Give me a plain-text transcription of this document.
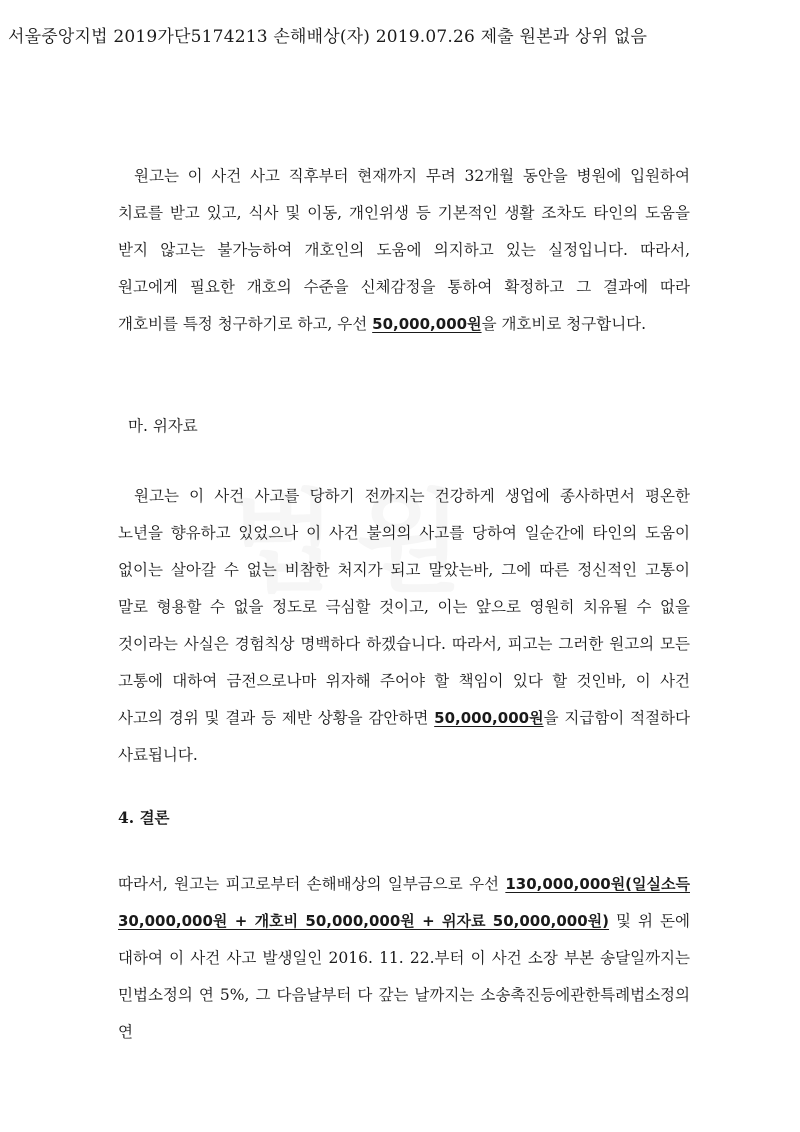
서울중앙지법 2019가단5174213 손해배상(자) 2019.07.26 제출 원본과 상위 없음
원고는 이 사건 사고 직후부터 현재까지 무려 32개월 동안을 병원에 입원하여 치료를 받고 있고, 식사 및 이동, 개인위생 등 기본적인 생활 조차도 타인의 도움을 받지 않고는 불가능하여 개호인의 도움에 의지하고 있는 실정입니다. 따라서, 원고에게 필요한 개호의 수준을 신체감정을 통하여 확정하고 그 결과에 따라 개호비를 특정 청구하기로 하고, 우선 50,000,000원을 개호비로 청구합니다.
마. 위자료
원고는 이 사건 사고를 당하기 전까지는 건강하게 생업에 종사하면서 평온한 노년을 향유하고 있었으나 이 사건 불의의 사고를 당하여 일순간에 타인의 도움이 없이는 살아갈 수 없는 비참한 처지가 되고 말았는바, 그에 따른 정신적인 고통이 말로 형용할 수 없을 정도로 극심할 것이고, 이는 앞으로 영원히 치유될 수 없을 것이라는 사실은 경험칙상 명백하다 하겠습니다. 따라서, 피고는 그러한 원고의 모든 고통에 대하여 금전으로나마 위자해 주어야 할 책임이 있다 할 것인바, 이 사건 사고의 경위 및 결과 등 제반 상황을 감안하면 50,000,000원을 지급함이 적절하다 사료됩니다.
4. 결론
따라서, 원고는 피고로부터 손해배상의 일부금으로 우선 130,000,000원(일실소득 30,000,000원 + 개호비 50,000,000원 + 위자료 50,000,000원) 및 위 돈에 대하여 이 사건 사고 발생일인 2016. 11. 22.부터 이 사건 소장 부본 송달일까지는 민법소정의 연 5%, 그 다음날부터 다 갚는 날까지는 소송촉진등에관한특례법소정의 연
